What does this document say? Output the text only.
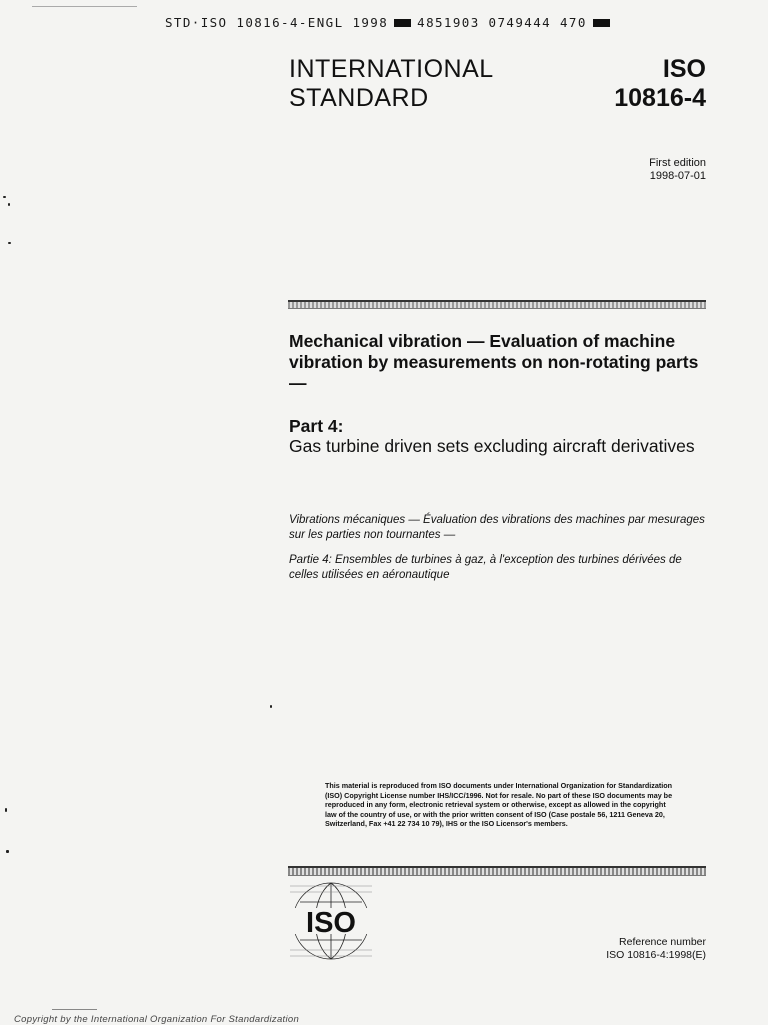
STD·ISO 10816-4-ENGL 1998 4851903 0749444 470
INTERNATIONAL
STANDARD
ISO
10816-4
First edition
1998-07-01
Mechanical vibration — Evaluation of machine vibration by measurements on non-rotating parts —
Part 4:
Gas turbine driven sets excluding aircraft derivatives
Vibrations mécaniques — Évaluation des vibrations des machines par mesurages sur les parties non tournantes —
Partie 4: Ensembles de turbines à gaz, à l'exception des turbines dérivées de celles utilisées en aéronautique
This material is reproduced from ISO documents under International Organization for Standardization (ISO) Copyright License number IHS/ICC/1996. Not for resale. No part of these ISO documents may be reproduced in any form, electronic retrieval system or otherwise, except as allowed in the copyright law of the country of use, or with the prior written consent of ISO (Case postale 56, 1211 Geneva 20, Switzerland, Fax +41 22 734 10 79), IHS or the ISO Licensor's members.
ISO
Reference number
ISO 10816-4:1998(E)
Copyright by the International Organization For Standardization
